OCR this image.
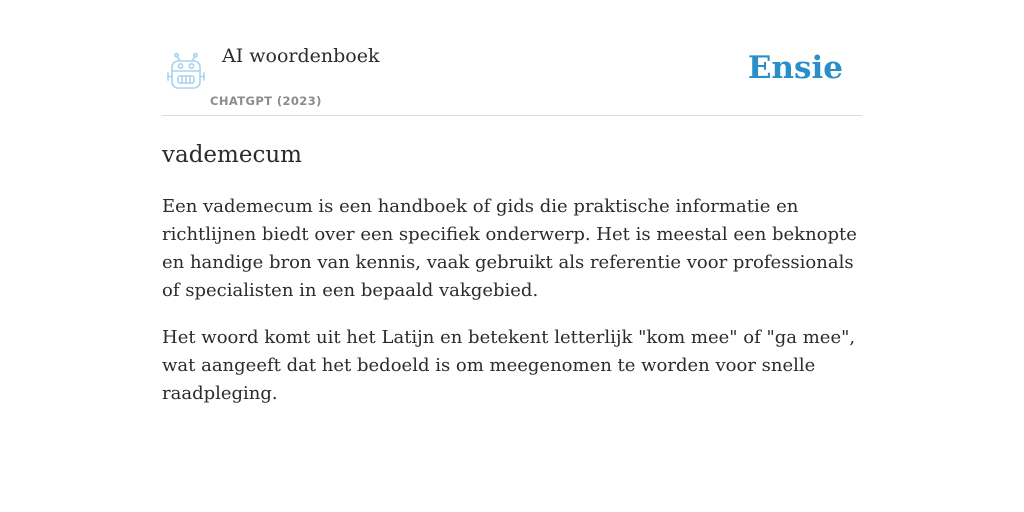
AI woordenboek
CHATGPT (2023)
Ensie
vademecum

Een vademecum is een handboek of gids die praktische informatie en richtlijnen biedt over een specifiek onderwerp. Het is meestal een beknopte en handige bron van kennis, vaak gebruikt als referentie voor professionals of specialisten in een bepaald vakgebied.

Het woord komt uit het Latijn en betekent letterlijk "kom mee" of "ga mee", wat aangeeft dat het bedoeld is om meegenomen te worden voor snelle raadpleging.
